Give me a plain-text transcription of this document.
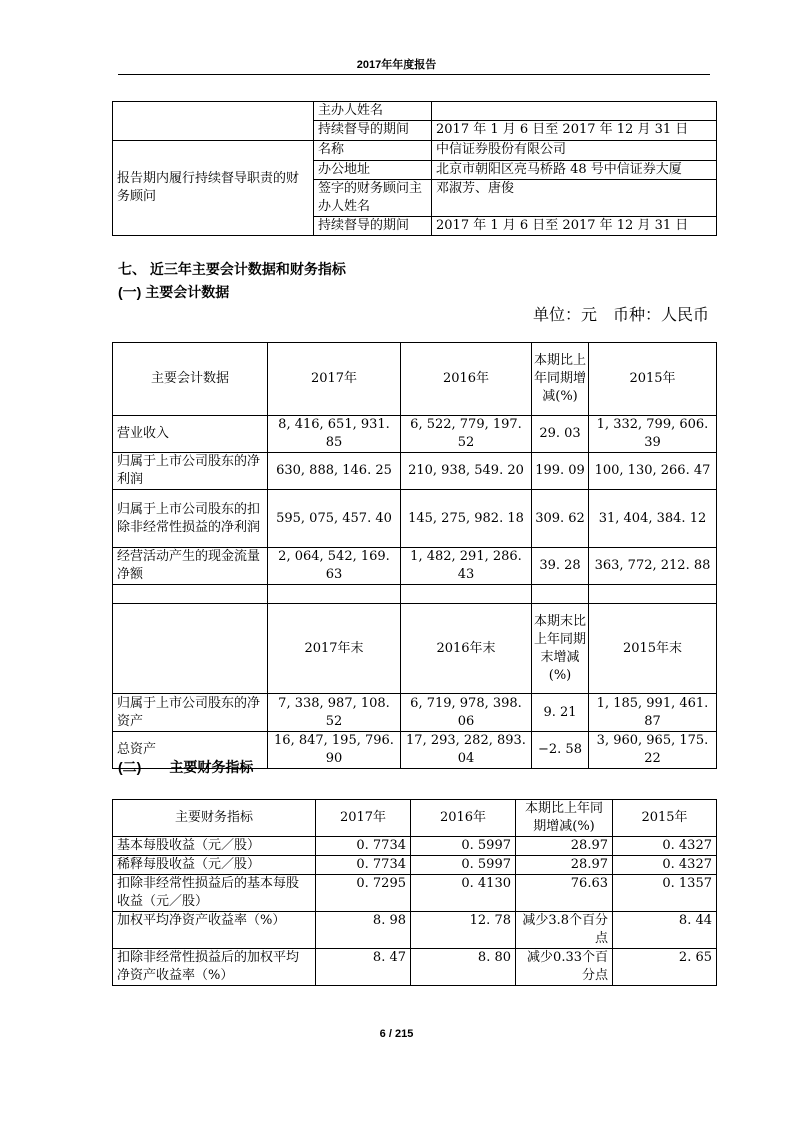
2017年年度报告
	主办人姓名	
	持续督导的期间	2017 年 1 月 6 日至 2017 年 12 月 31 日
报告期内履行持续督导职责的财务顾问	名称	中信证券股份有限公司
	办公地址	北京市朝阳区亮马桥路 48 号中信证券大厦
	签字的财务顾问主办人姓名	邓淑芳、唐俊
	持续督导的期间	2017 年 1 月 6 日至 2017 年 12 月 31 日
七、 近三年主要会计数据和财务指标
(一) 主要会计数据
单位：元　币种：人民币
主要会计数据	2017年	2016年	本期比上年同期增减(%)	2015年
营业收入	8, 416, 651, 931. 85	6, 522, 779, 197. 52	29. 03	1, 332, 799, 606. 39
归属于上市公司股东的净利润	630, 888, 146. 25	210, 938, 549. 20	199. 09	100, 130, 266. 47
归属于上市公司股东的扣除非经常性损益的净利润	595, 075, 457. 40	145, 275, 982. 18	309. 62	31, 404, 384. 12
经营活动产生的现金流量净额	2, 064, 542, 169. 63	1, 482, 291, 286. 43	39. 28	363, 772, 212. 88

	2017年末	2016年末	本期末比上年同期末增减(%)	2015年末
归属于上市公司股东的净资产	7, 338, 987, 108. 52	6, 719, 978, 398. 06	9. 21	1, 185, 991, 461. 87
总资产	16, 847, 195, 796. 90	17, 293, 282, 893. 04	−2. 58	3, 960, 965, 175. 22
(二) 主要财务指标
主要财务指标	2017年	2016年	本期比上年同期增减(%)	2015年
基本每股收益（元／股）	0. 7734	0. 5997	28.97	0. 4327
稀释每股收益（元／股）	0. 7734	0. 5997	28.97	0. 4327
扣除非经常性损益后的基本每股收益（元／股）	0. 7295	0. 4130	76.63	0. 1357
加权平均净资产收益率（%）	8. 98	12. 78	减少3.8个百分点	8. 44
扣除非经常性损益后的加权平均净资产收益率（%）	8. 47	8. 80	减少0.33个百分点	2. 65
6 / 215
